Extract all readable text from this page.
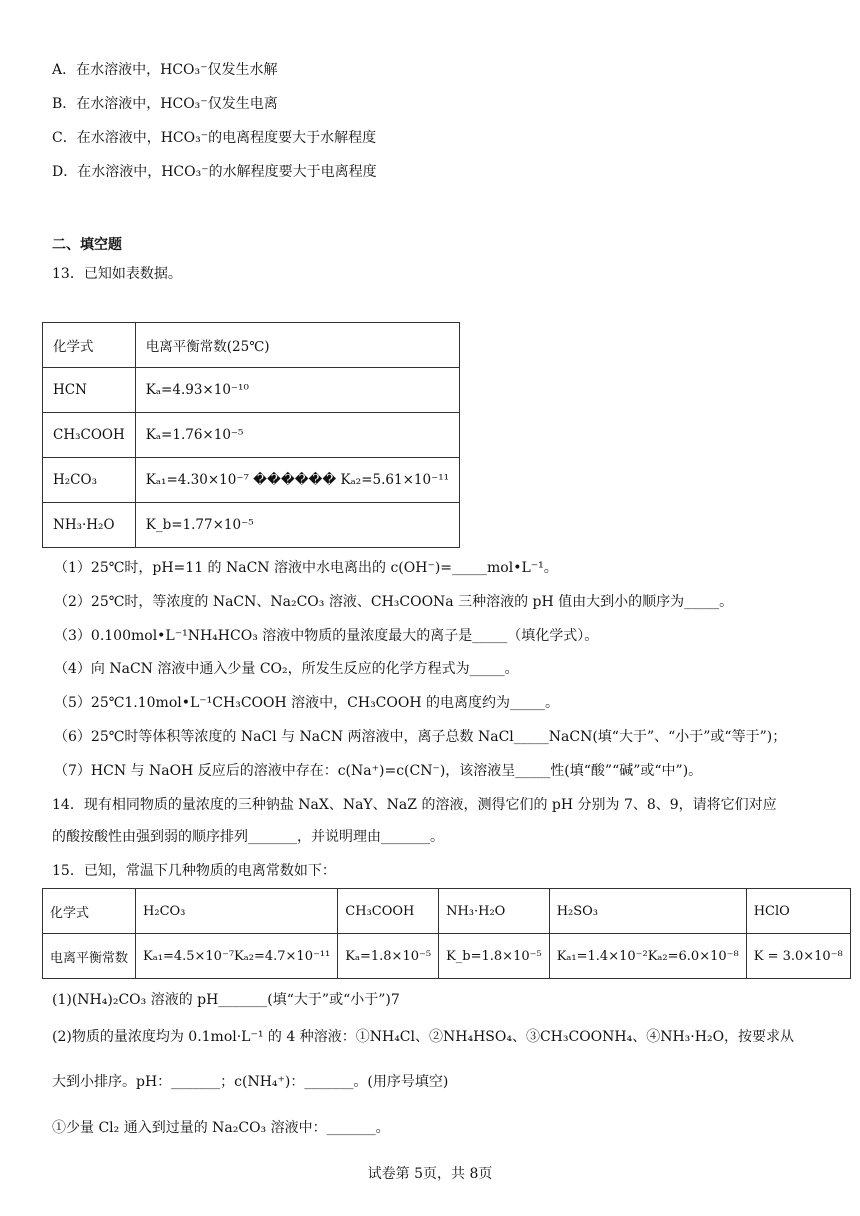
A．在水溶液中，HCO₃⁻仅发生水解
B．在水溶液中，HCO₃⁻仅发生电离
C．在水溶液中，HCO₃⁻的电离程度要大于水解程度
D．在水溶液中，HCO₃⁻的水解程度要大于电离程度
二、填空题
13．已知如表数据。
化学式	电离平衡常数(25℃)
HCN	Kₐ=4.93×10⁻¹⁰
CH₃COOH	Kₐ=1.76×10⁻⁵
H₂CO₃	Kₐ₁=4.30×10⁻⁷ ������ Kₐ₂=5.61×10⁻¹¹
NH₃·H₂O	K_b=1.77×10⁻⁵
（1）25℃时，pH=11 的 NaCN 溶液中水电离出的 c(OH⁻)=_____mol•L⁻¹。
（2）25℃时，等浓度的 NaCN、Na₂CO₃ 溶液、CH₃COONa 三种溶液的 pH 值由大到小的顺序为_____。
（3）0.100mol•L⁻¹NH₄HCO₃ 溶液中物质的量浓度最大的离子是_____（填化学式）。
（4）向 NaCN 溶液中通入少量 CO₂，所发生反应的化学方程式为_____。
（5）25℃1.10mol•L⁻¹CH₃COOH 溶液中，CH₃COOH 的电离度约为_____。
（6）25℃时等体积等浓度的 NaCl 与 NaCN 两溶液中，离子总数 NaCl_____NaCN(填“大于”、“小于”或“等于”)；
（7）HCN 与 NaOH 反应后的溶液中存在：c(Na⁺)=c(CN⁻)，该溶液呈_____性(填“酸”“碱”或“中”)。
14．现有相同物质的量浓度的三种钠盐 NaX、NaY、NaZ 的溶液，测得它们的 pH 分别为 7、8、9，请将它们对应
的酸按酸性由强到弱的顺序排列_______，并说明理由_______。
15．已知，常温下几种物质的电离常数如下：
化学式	H₂CO₃	CH₃COOH	NH₃·H₂O	H₂SO₃	HClO
电离平衡常数	Kₐ₁=4.5×10⁻⁷Kₐ₂=4.7×10⁻¹¹	Kₐ=1.8×10⁻⁵	K_b=1.8×10⁻⁵	Kₐ₁=1.4×10⁻²Kₐ₂=6.0×10⁻⁸	K = 3.0×10⁻⁸
(1)(NH₄)₂CO₃ 溶液的 pH_______(填“大于”或“小于”)7
(2)物质的量浓度均为 0.1mol·L⁻¹ 的 4 种溶液：①NH₄Cl、②NH₄HSO₄、③CH₃COONH₄、④NH₃·H₂O，按要求从
大到小排序。pH：_______；c(NH₄⁺)：_______。(用序号填空)
①少量 Cl₂ 通入到过量的 Na₂CO₃ 溶液中：_______。
试卷第 5页，共 8页
